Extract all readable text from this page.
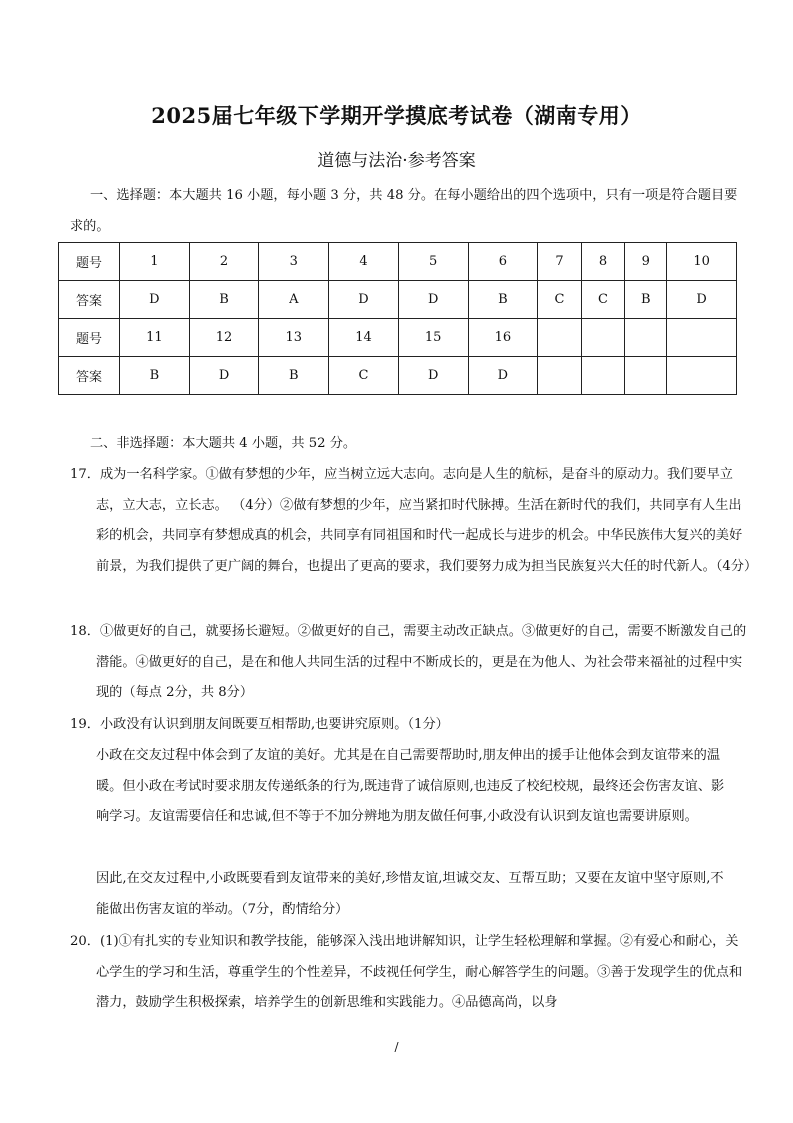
2025届七年级下学期开学摸底考试卷（湖南专用）
道德与法治·参考答案
一、选择题：本大题共 16 小题，每小题 3 分，共 48 分。在每小题给出的四个选项中，只有一项是符合题目要求的。
题号	1	2	3	4	5	6	7	8	9	10
答案	D	B	A	D	D	B	C	C	B	D
题号	11	12	13	14	15	16				
答案	B	D	B	C	D	D				
二、非选择题：本大题共 4 小题，共 52 分。
17．成为一名科学家。①做有梦想的少年，应当树立远大志向。志向是人生的航标，是奋斗的原动力。我们要早立志，立大志，立长志。 （4分）②做有梦想的少年，应当紧扣时代脉搏。生活在新时代的我们，共同享有人生出彩的机会，共同享有梦想成真的机会，共同享有同祖国和时代一起成长与进步的机会。中华民族伟大复兴的美好前景，为我们提供了更广阔的舞台，也提出了更高的要求，我们要努力成为担当民族复兴大任的时代新人。（4分）
18．①做更好的自己，就要扬长避短。②做更好的自己，需要主动改正缺点。③做更好的自己，需要不断激发自己的潜能。④做更好的自己，是在和他人共同生活的过程中不断成长的，更是在为他人、为社会带来福祉的过程中实现的（每点 2分，共 8分）
19．小政没有认识到朋友间既要互相帮助,也要讲究原则。（1分）
小政在交友过程中体会到了友谊的美好。尤其是在自己需要帮助时,朋友伸出的援手让他体会到友谊带来的温暖。但小政在考试时要求朋友传递纸条的行为,既违背了诚信原则,也违反了校纪校规，最终还会伤害友谊、影响学习。友谊需要信任和忠诚,但不等于不加分辨地为朋友做任何事,小政没有认识到友谊也需要讲原则。
因此,在交友过程中,小政既要看到友谊带来的美好,珍惜友谊,坦诚交友、互帮互助；又要在友谊中坚守原则,不能做出伤害友谊的举动。（7分，酌情给分）
20．(1)①有扎实的专业知识和教学技能，能够深入浅出地讲解知识，让学生轻松理解和掌握。②有爱心和耐心，关心学生的学习和生活，尊重学生的个性差异，不歧视任何学生，耐心解答学生的问题。③善于发现学生的优点和潜力，鼓励学生积极探索，培养学生的创新思维和实践能力。④品德高尚，以身
/
